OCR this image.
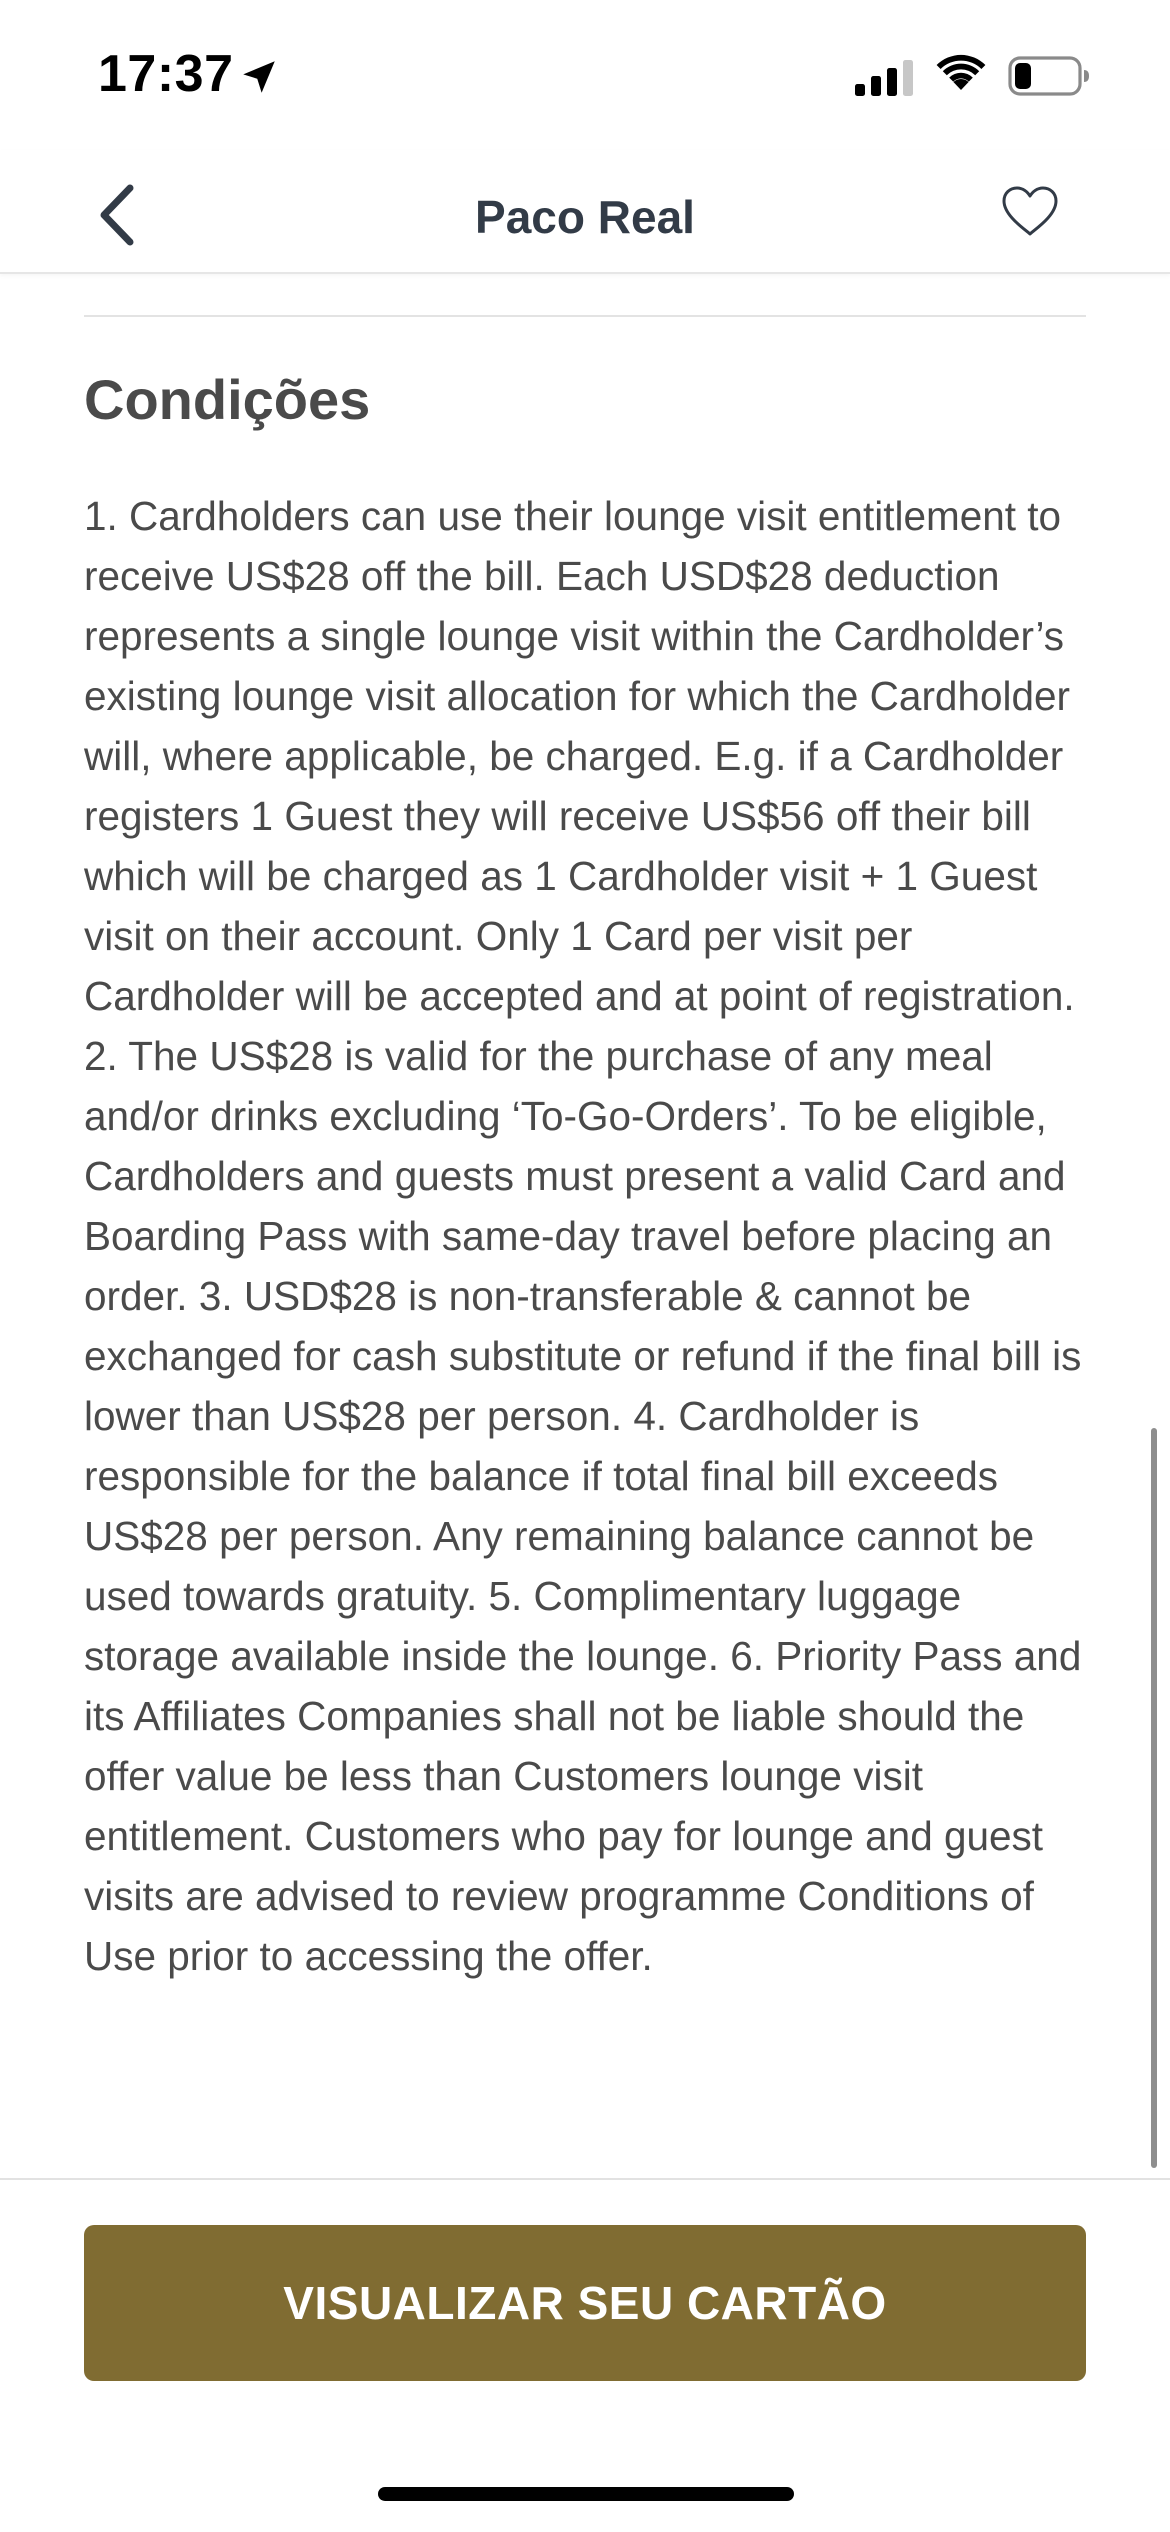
17:37
Paco Real
Condições

1. Cardholders can use their lounge visit entitlement to receive US$28 off the bill. Each USD$28 deduction represents a single lounge visit within the Cardholder’s existing lounge visit allocation for which the Cardholder will, where applicable, be charged. E.g. if a Cardholder registers 1 Guest they will receive US$56 off their bill which will be charged as 1 Cardholder visit + 1 Guest visit on their account. Only 1 Card per visit per Cardholder will be accepted and at point of registration. 2. The US$28 is valid for the purchase of any meal and/or drinks excluding ‘To-Go-Orders’. To be eligible, Cardholders and guests must present a valid Card and Boarding Pass with same-day travel before placing an order. 3. USD$28 is non-transferable & cannot be exchanged for cash substitute or refund if the final bill is lower than US$28 per person. 4. Cardholder is responsible for the balance if total final bill exceeds US$28 per person. Any remaining balance cannot be used towards gratuity. 5. Complimentary luggage storage available inside the lounge. 6. Priority Pass and its Affiliates Companies shall not be liable should the offer value be less than Customers lounge visit entitlement. Customers who pay for lounge and guest visits are advised to review programme Conditions of Use prior to accessing the offer.

VISUALIZAR SEU CARTÃO
